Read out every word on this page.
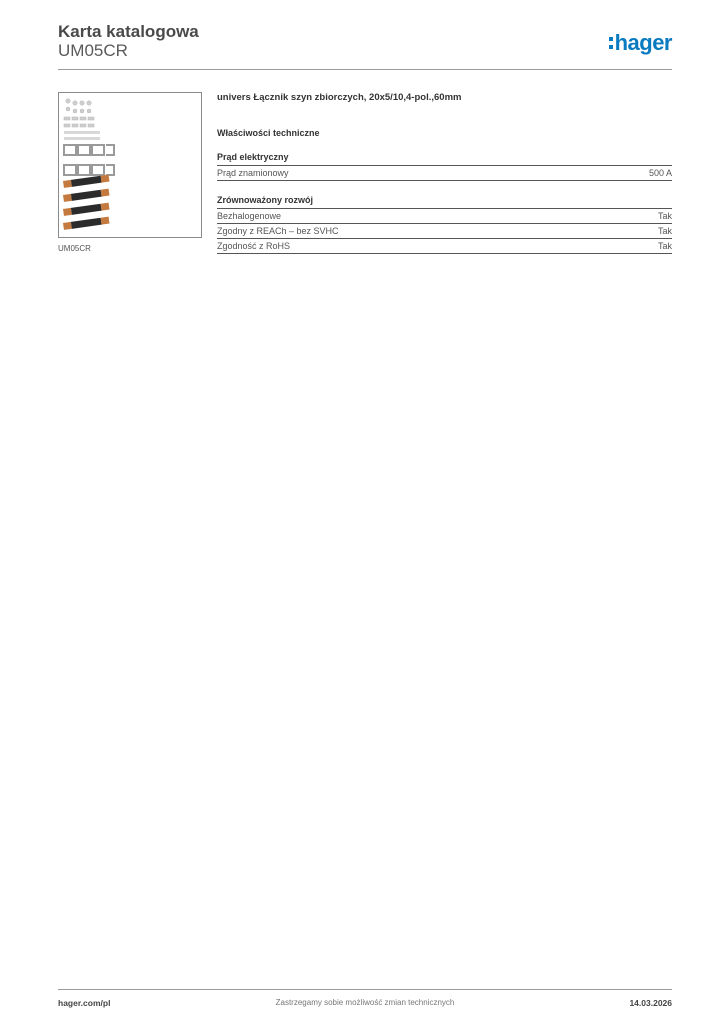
Karta katalogowa
UM05CR	hager
UM05CR
univers Łącznik szyn zbiorczych, 20x5/10,4-pol.,60mm
Właściwości techniczne
Prąd elektryczny
Prąd znamionowy	500 A
Zrównoważony rozwój
Bezhalogenowe	Tak
Zgodny z REACh – bez SVHC	Tak
Zgodność z RoHS	Tak
hager.com/pl	Zastrzegamy sobie możliwość zmian technicznych	14.03.2026
